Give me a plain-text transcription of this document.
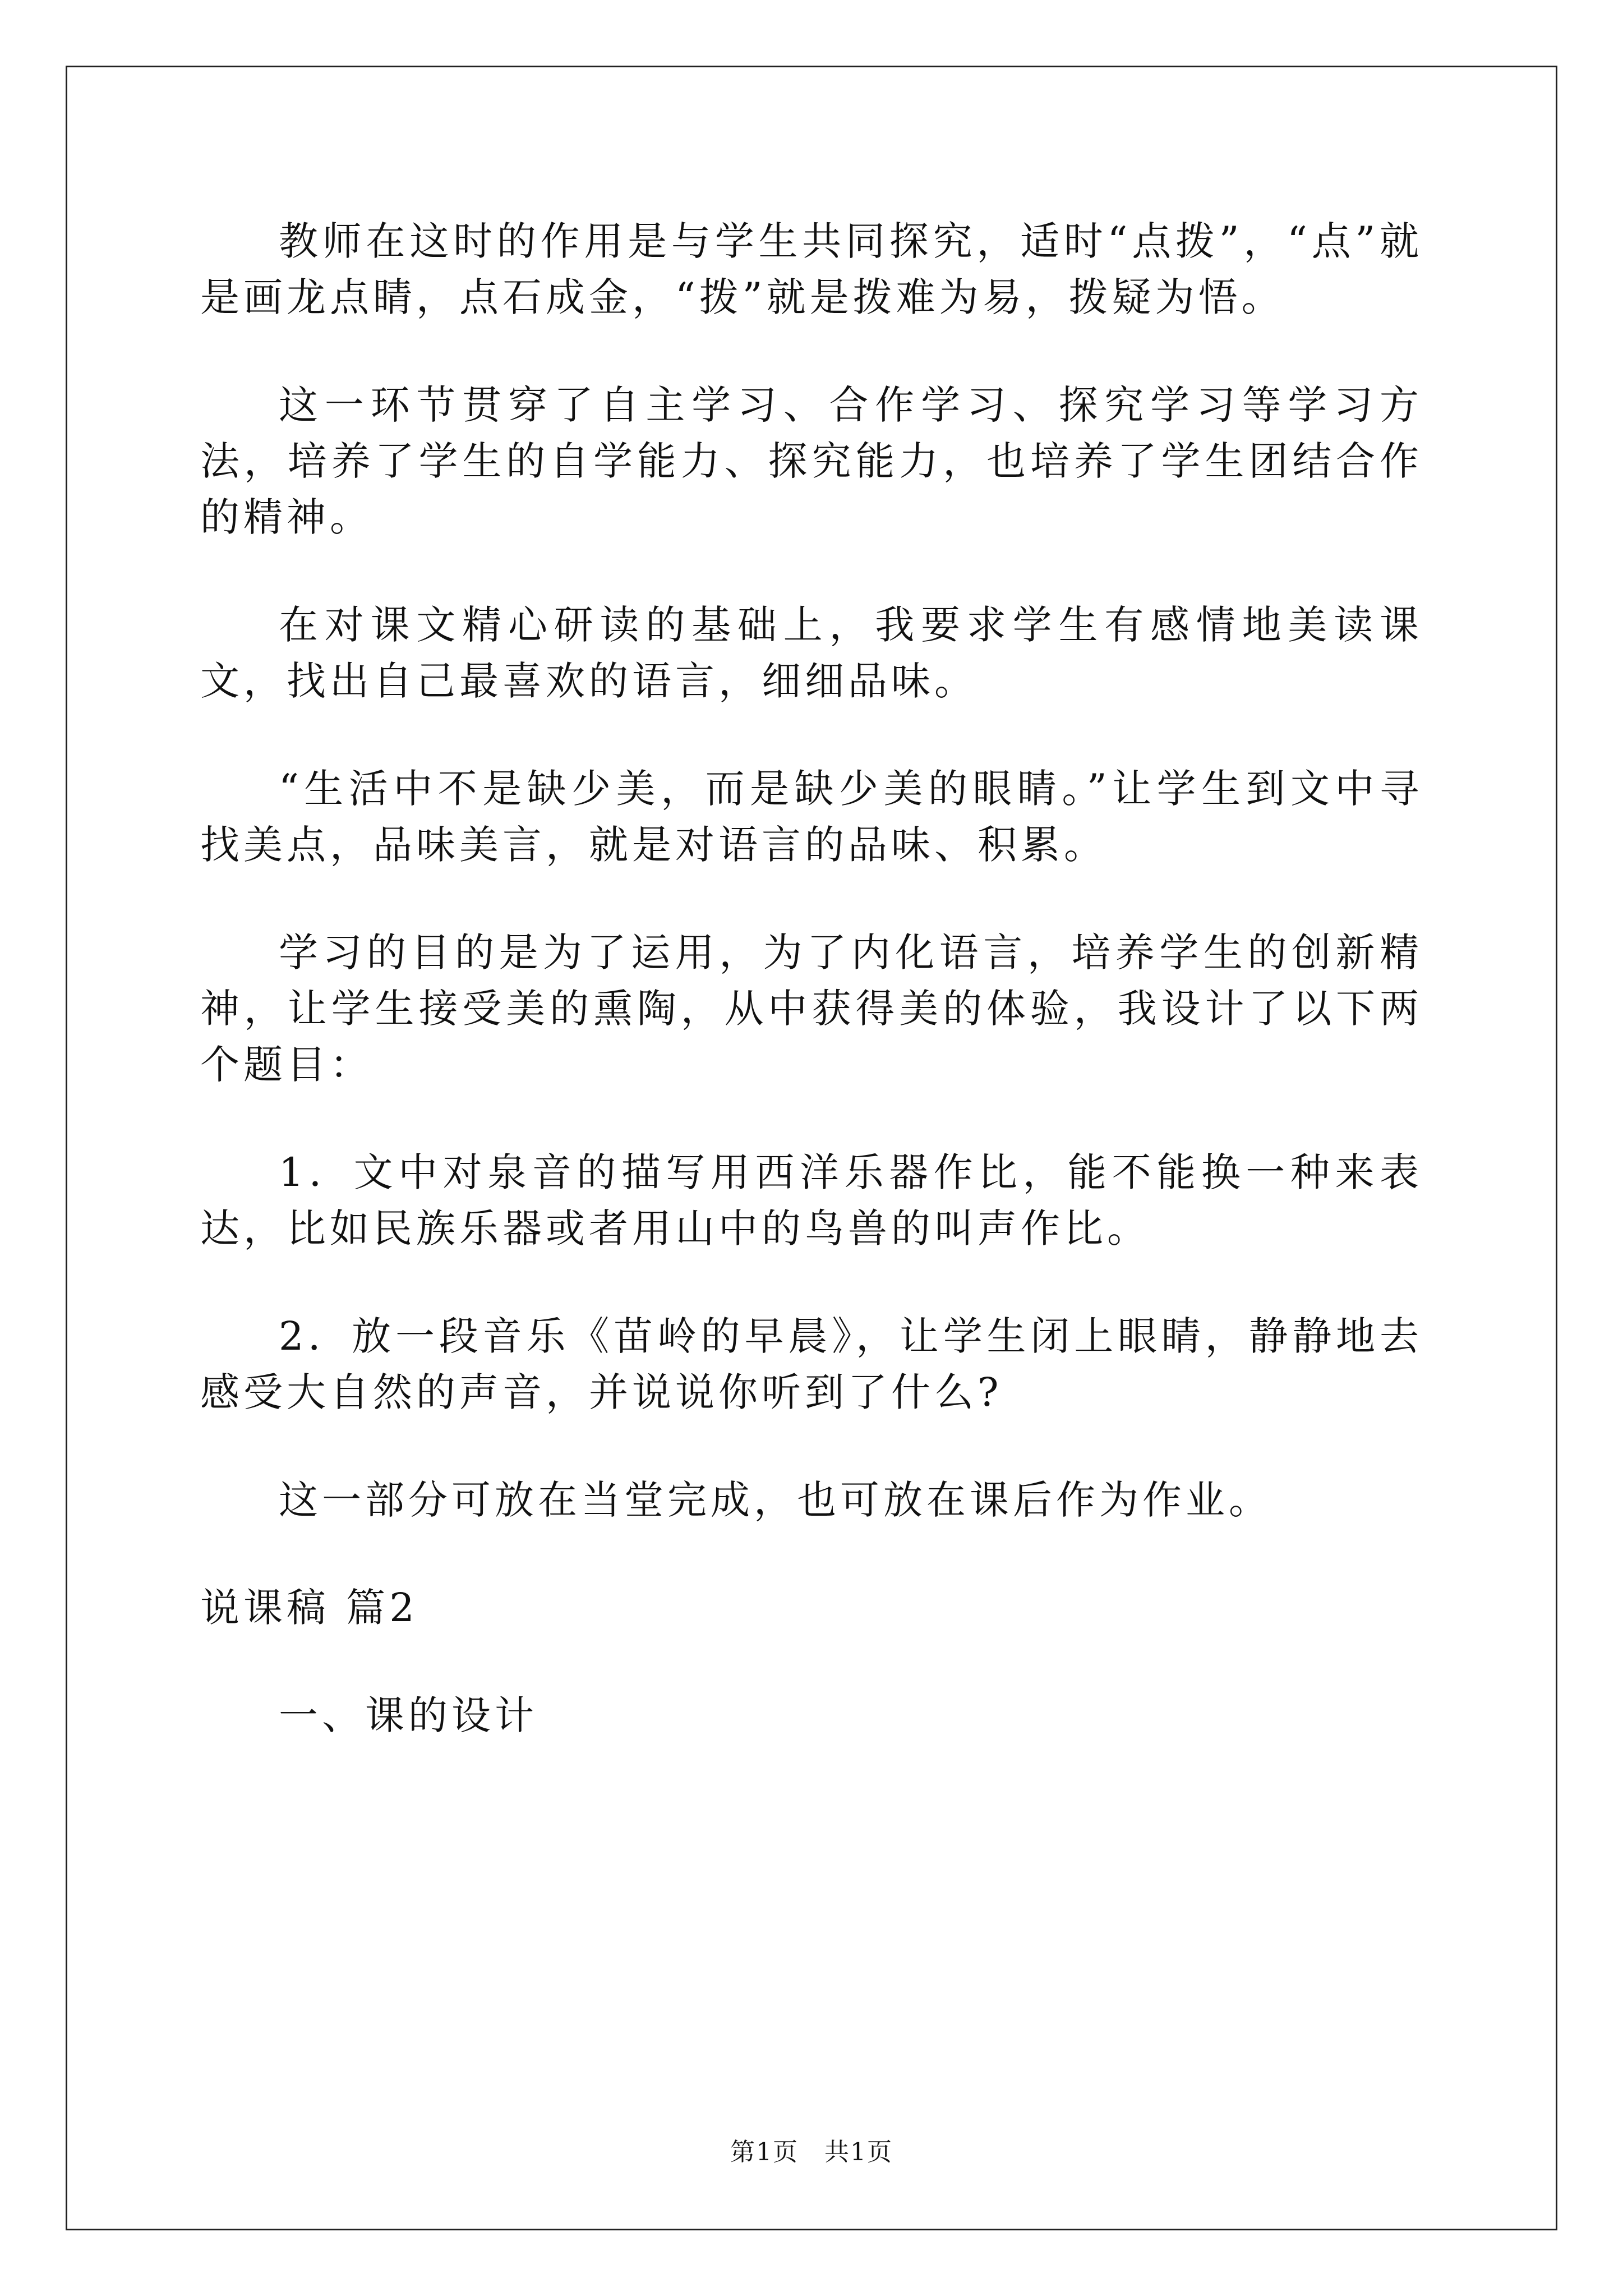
教师在这时的作用是与学生共同探究，适时“点拨”，“点”就是画龙点睛，点石成金，“拨”就是拨难为易，拨疑为悟。

这一环节贯穿了自主学习、合作学习、探究学习等学习方法，培养了学生的自学能力、探究能力，也培养了学生团结合作的精神。

在对课文精心研读的基础上，我要求学生有感情地美读课文，找出自己最喜欢的语言，细细品味。

“生活中不是缺少美，而是缺少美的眼睛。”让学生到文中寻找美点，品味美言，就是对语言的品味、积累。

学习的目的是为了运用，为了内化语言，培养学生的创新精神，让学生接受美的熏陶，从中获得美的体验，我设计了以下两个题目：

1．文中对泉音的描写用西洋乐器作比，能不能换一种来表达，比如民族乐器或者用山中的鸟兽的叫声作比。

2．放一段音乐《苗岭的早晨》，让学生闭上眼睛，静静地去感受大自然的声音，并说说你听到了什么?

这一部分可放在当堂完成，也可放在课后作为作业。

说课稿 篇2

一、课的设计

第1页　共1页
